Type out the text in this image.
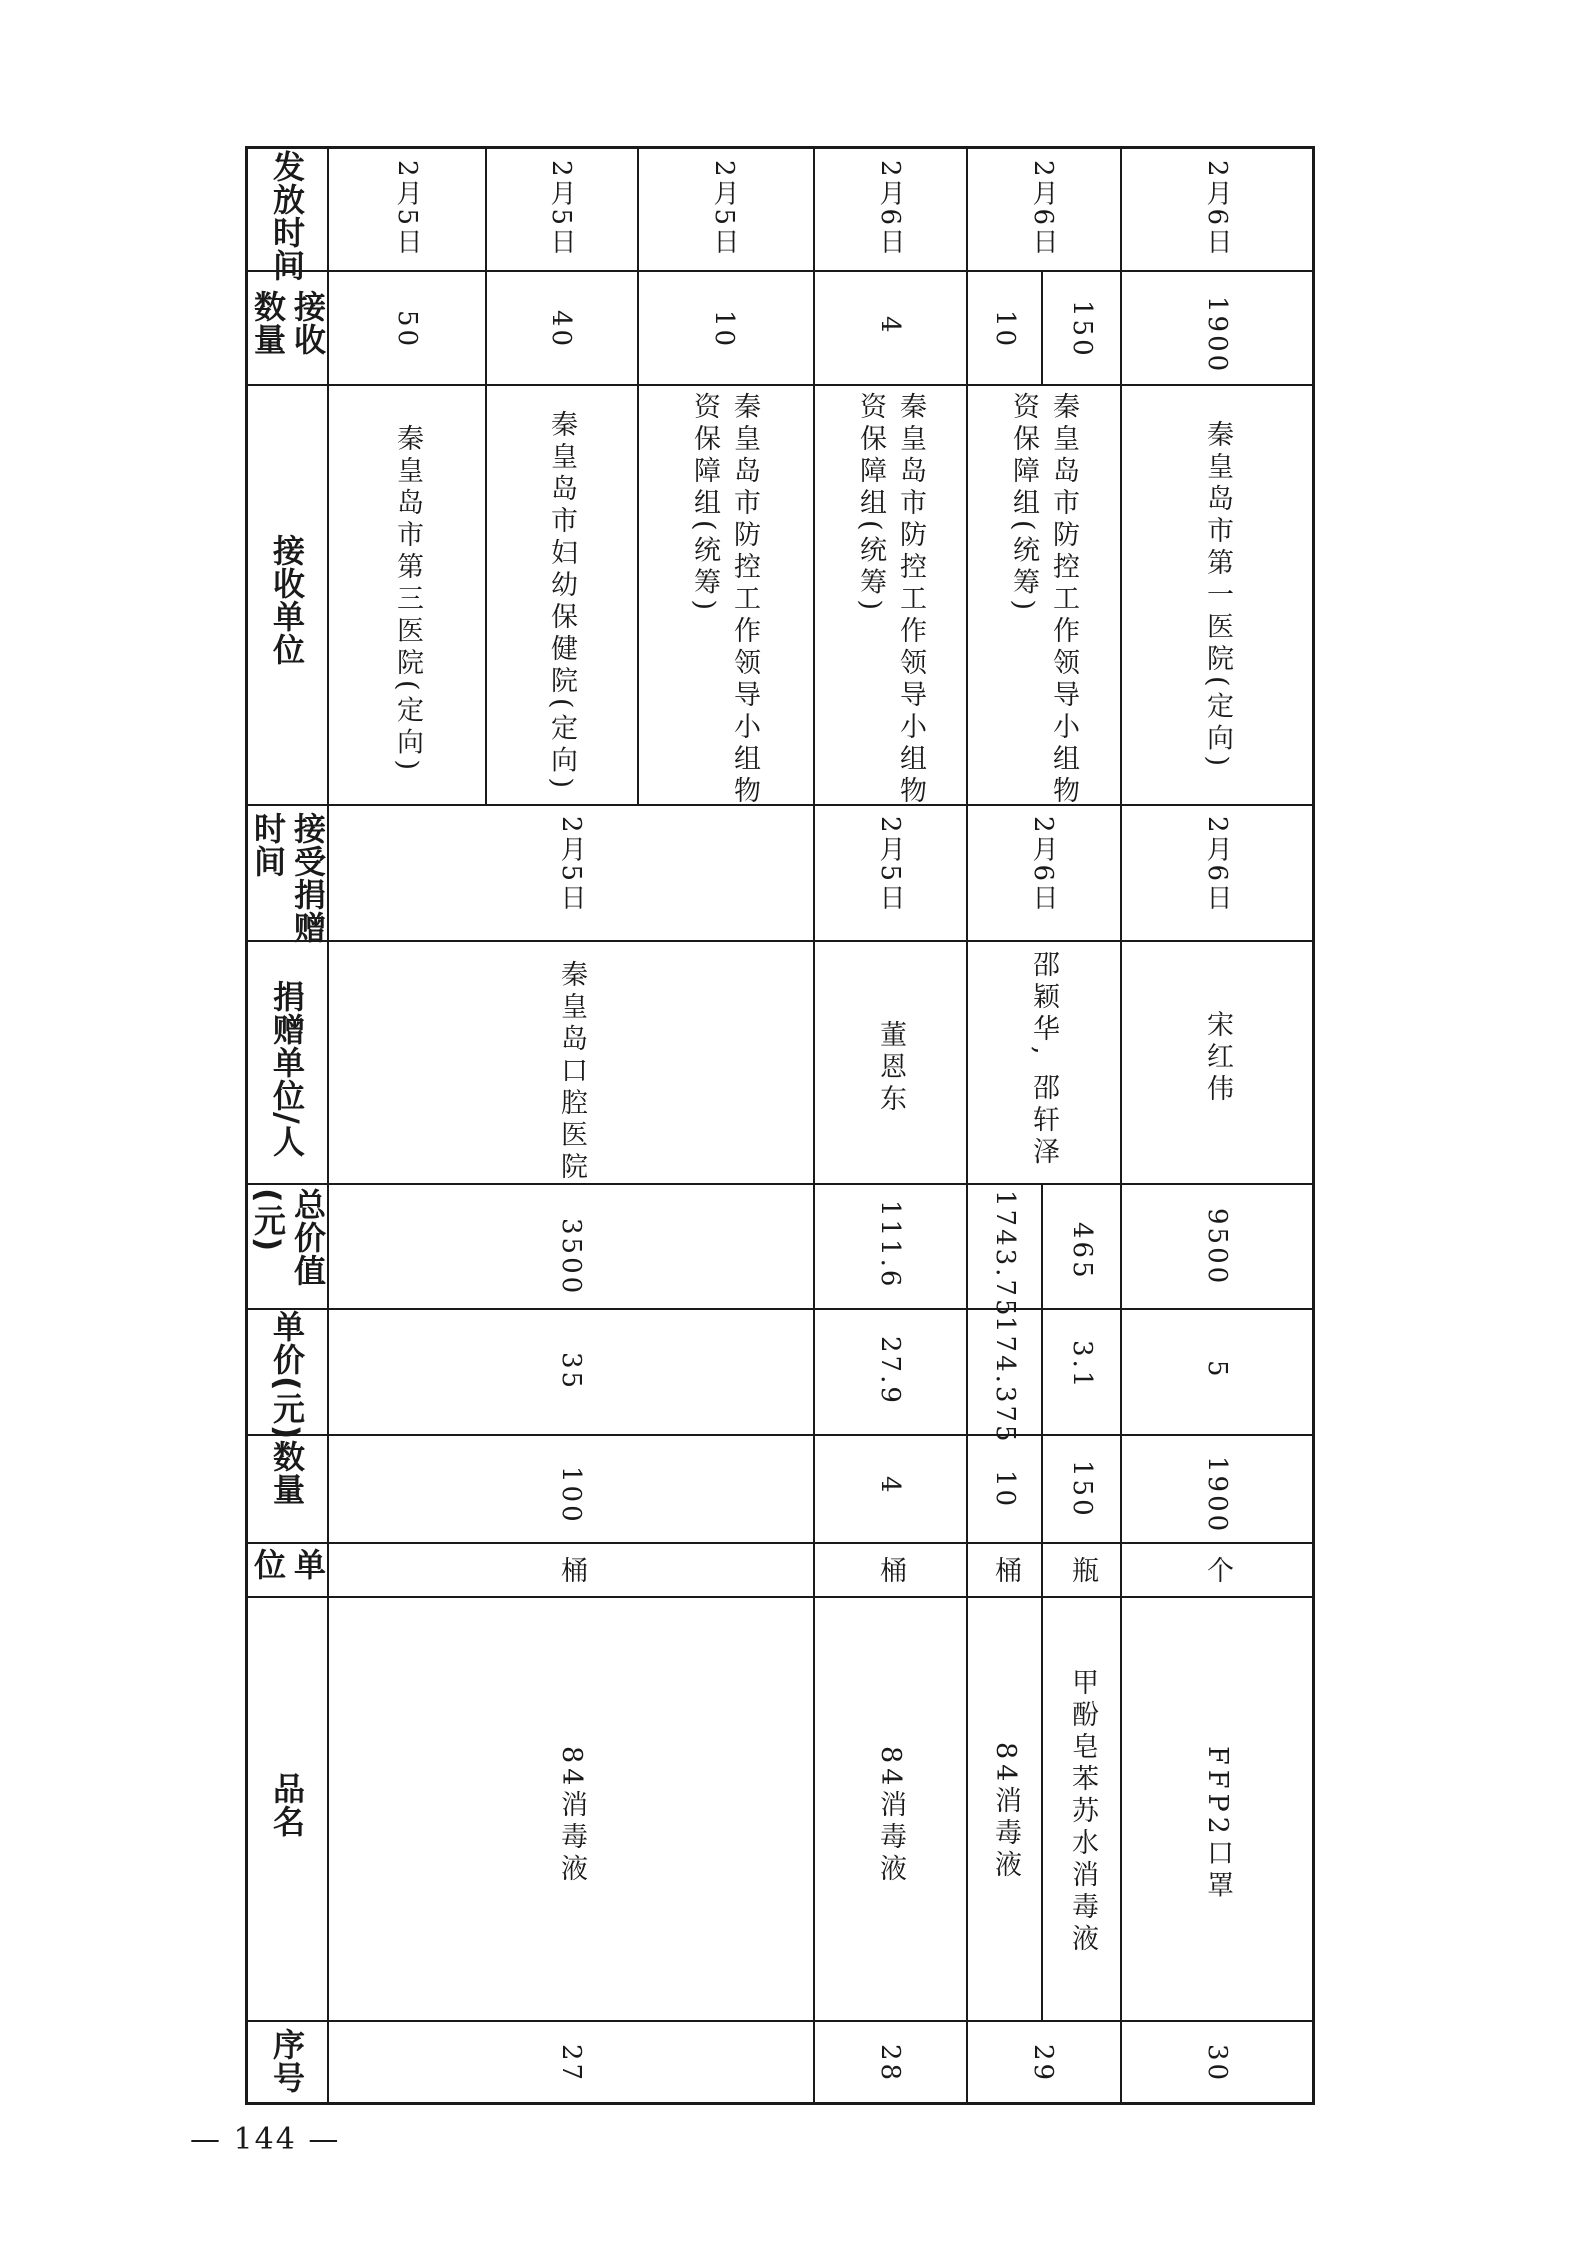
序号
品名
单
位
数量
单价(元)
总价值
(元)
捐赠单位/人
接受捐赠
时间
接收单位
接收
数量
发放时间
27
84消毒液
桶
100
35
3500
秦皇岛口腔医院
2月5日
秦皇岛市第三医院(定向)
50
2月5日
秦皇岛市妇幼保健院(定向)
40
2月5日
秦皇岛市防控工作领导小组物
资保障组(统筹)
10
2月5日
28
84消毒液
桶
4
27.9
111.6
董恩东
2月5日
秦皇岛市防控工作领导小组物
资保障组(统筹)
4
2月6日
29
84消毒液
桶
10
174.375
1743.75
甲酚皂苯苏水消毒液
瓶
150
3.1
465
邵颖华, 邵轩泽
2月6日
秦皇岛市防控工作领导小组物
资保障组(统筹)
10 150
2月6日
30
FFP2口罩
个
1900
5
9500
宋红伟
2月6日
秦皇岛市第一医院(定向)
1900
2月6日
— 144 —
